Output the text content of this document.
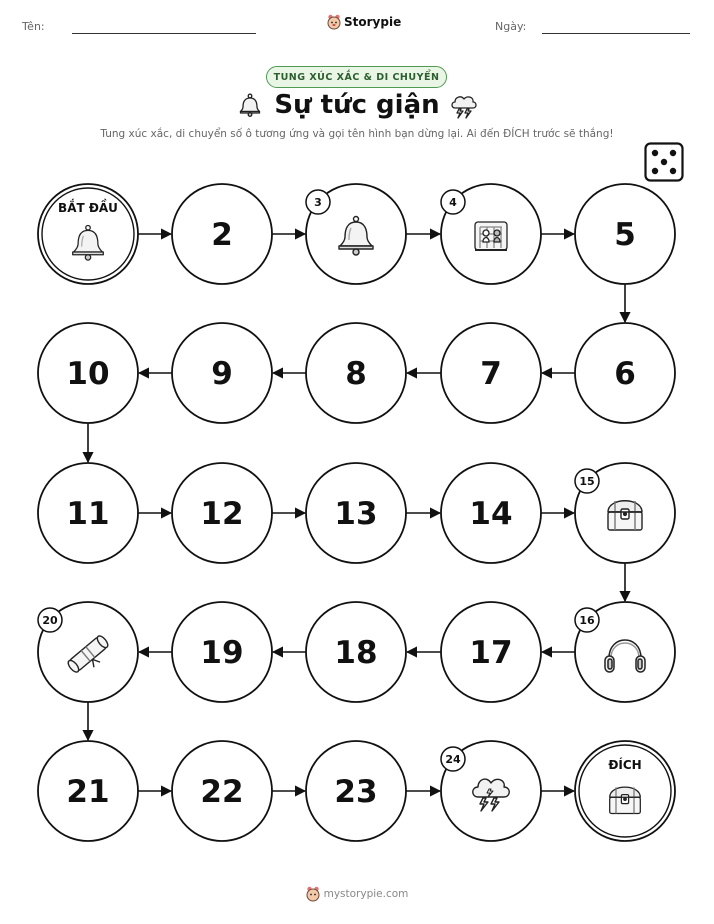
Tên:	Storypie	Ngày:
TUNG XÚC XẮC & DI CHUYỂN
Sự tức giận
Tung xúc xắc, di chuyển số ô tương ứng và gọi tên hình bạn dừng lại. Ai đến ĐÍCH trước sẽ thắng!
BẮT ĐẦU
2
3	4
5
6
7
8
9
10
11	12	13	14
15
16
17
18
19
20
21	22	23
24	ĐÍCH
mystorypie.com
